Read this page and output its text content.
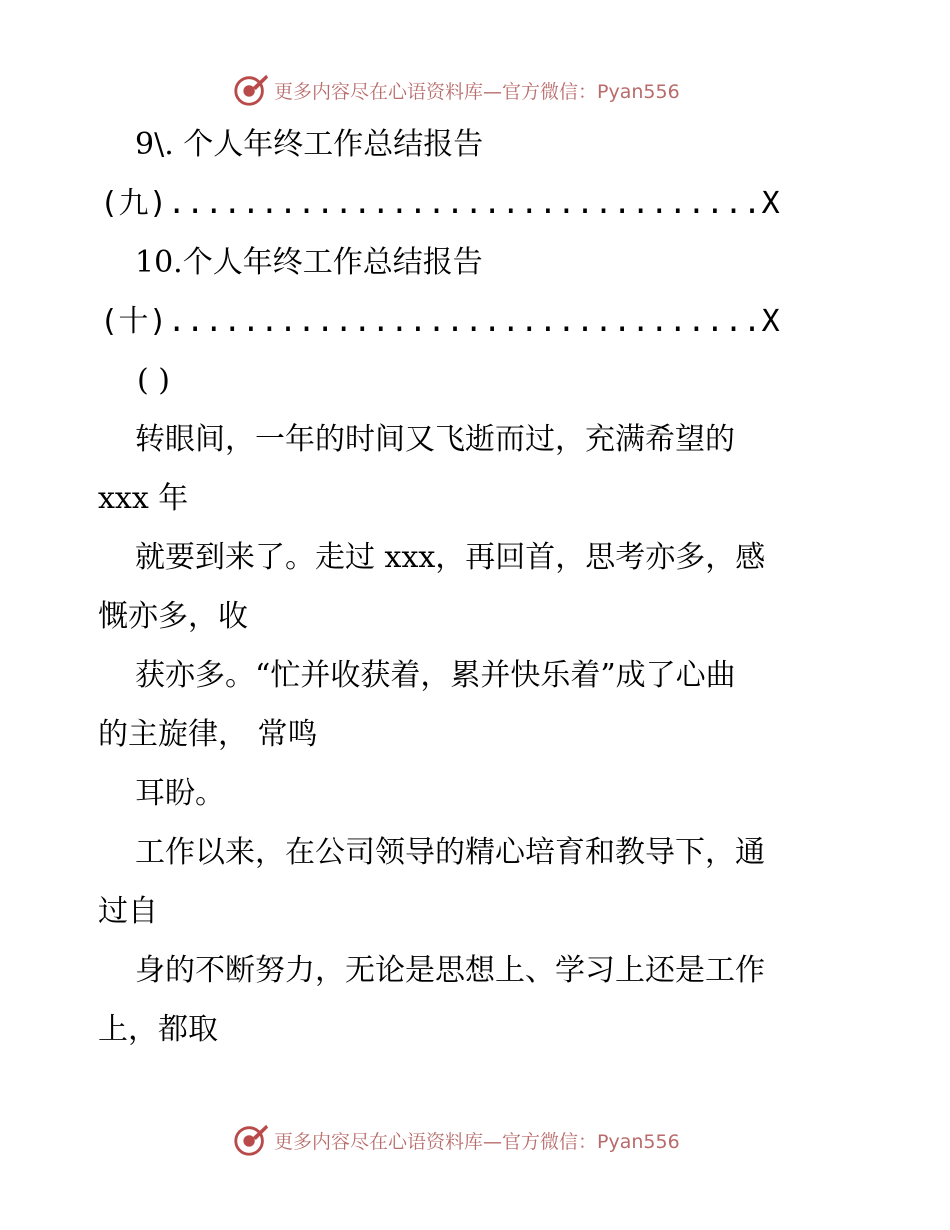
更多内容尽在心语资料库—官方微信：Pyan556
9\. 个人年终工作总结报告
(九)................................X
10.个人年终工作总结报告
(十)................................X
( )
转眼间，一年的时间又飞逝而过，充满希望的
xxx 年
就要到来了。走过 xxx，再回首，思考亦多，感
慨亦多，收
获亦多。“忙并收获着，累并快乐着”成了心曲
的主旋律， 常鸣
耳盼。
工作以来，在公司领导的精心培育和教导下，通
过自
身的不断努力，无论是思想上、学习上还是工作
上，都取
更多内容尽在心语资料库—官方微信：Pyan556
